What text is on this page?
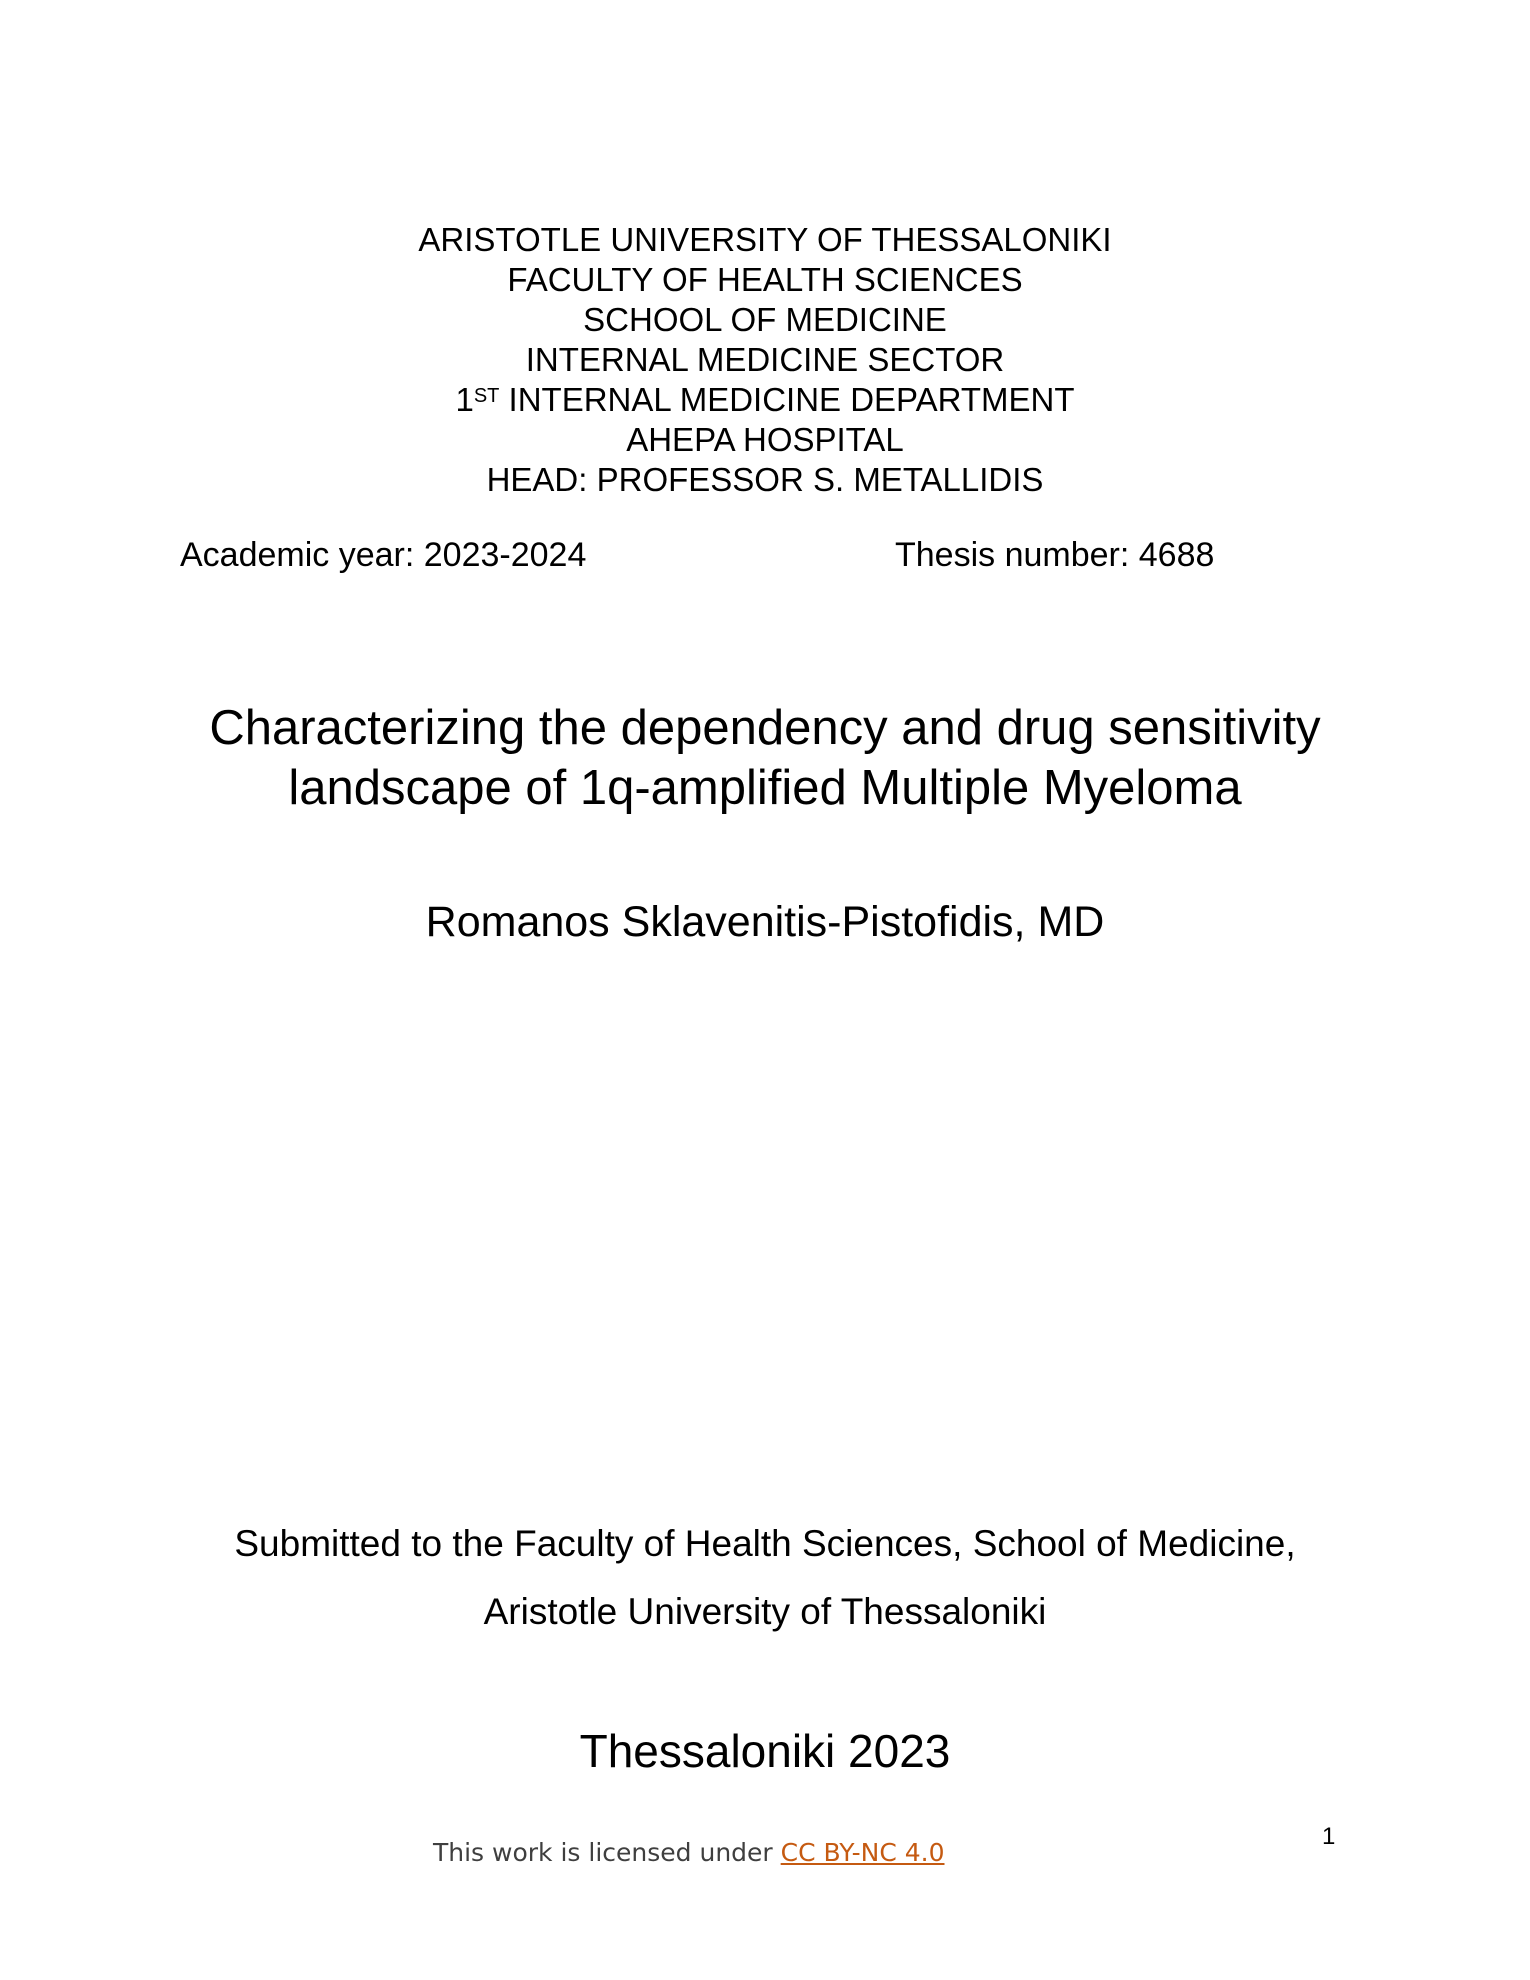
ARISTOTLE UNIVERSITY OF THESSALONIKI
FACULTY OF HEALTH SCIENCES
SCHOOL OF MEDICINE
INTERNAL MEDICINE SECTOR
1ST INTERNAL MEDICINE DEPARTMENT
AHEPA HOSPITAL
HEAD: PROFESSOR S. METALLIDIS
Academic year: 2023-2024	Thesis number: 4688
Characterizing the dependency and drug sensitivity
landscape of 1q-amplified Multiple Myeloma
Romanos Sklavenitis-Pistofidis, MD
Submitted to the Faculty of Health Sciences, School of Medicine,
Aristotle University of Thessaloniki
Thessaloniki 2023
1
This work is licensed under CC BY-NC 4.0
